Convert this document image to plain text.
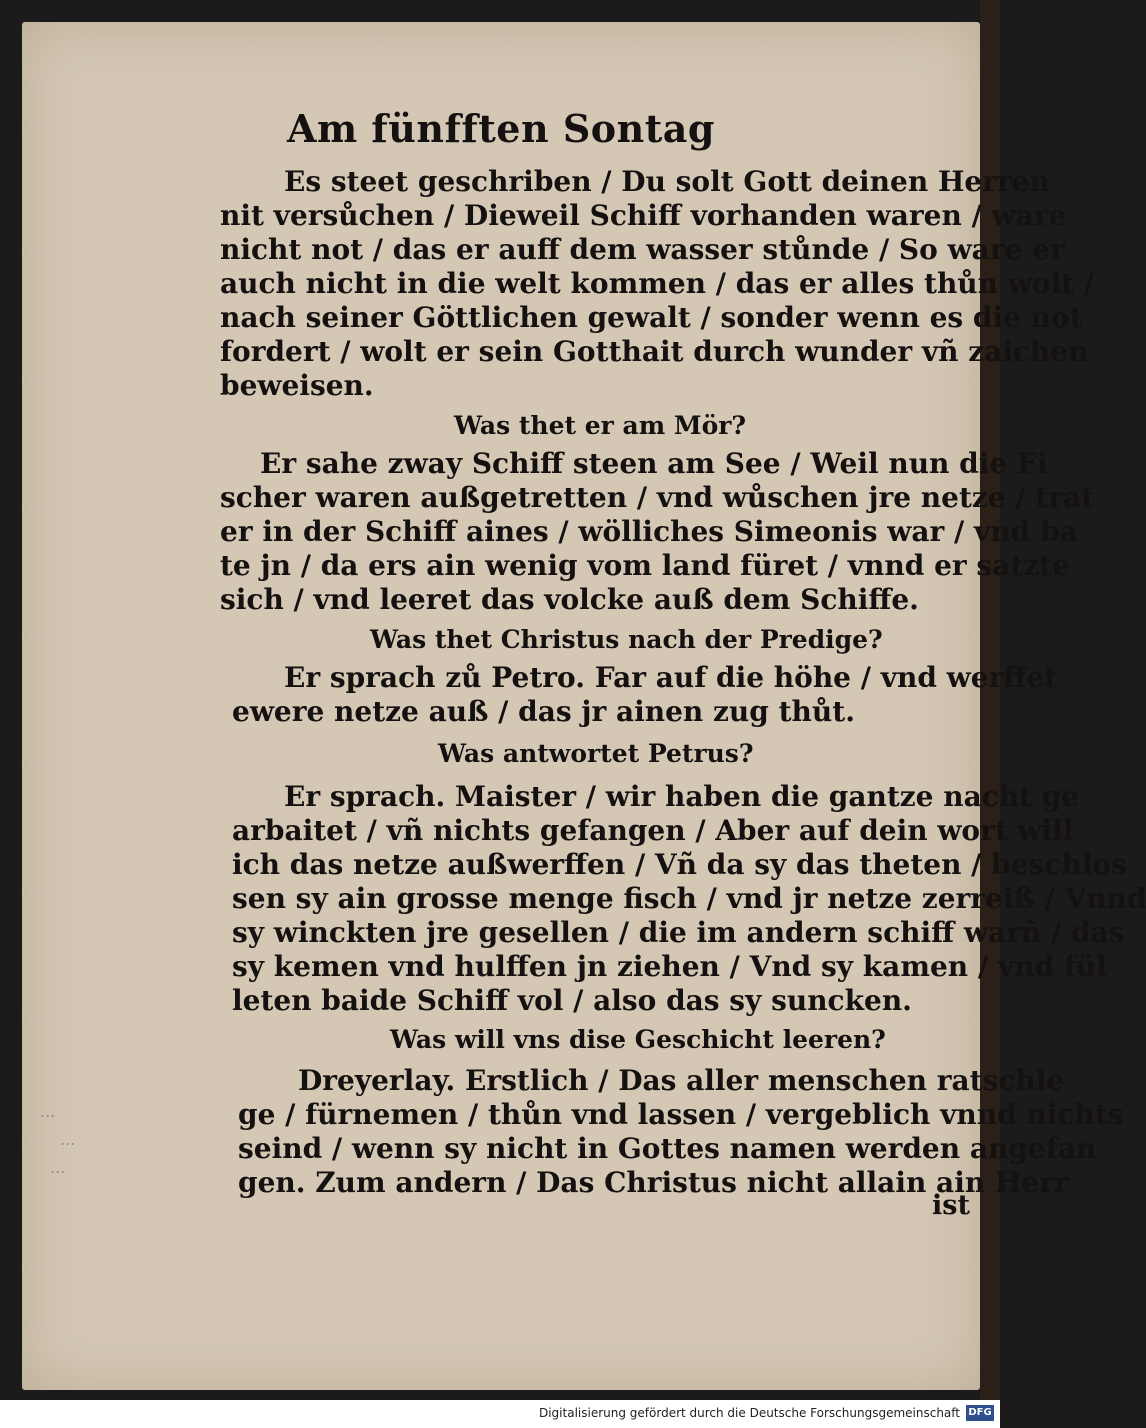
Am fünfften Sontag
Es steet geschriben / Du solt Gott deinen Herren
nit versůchen / Dieweil Schiff vorhanden waren / ware
nicht not / das er auff dem wasser stůnde / So ware er
auch nicht in die welt kommen / das er alles thůn wolt /
nach seiner Göttlichen gewalt / sonder wenn es die not
fordert / wolt er sein Gotthait durch wunder vñ zaichen
beweisen.
Was thet er am Mör?
Er sahe zway Schiff steen am See / Weil nun die Fi
scher waren außgetretten / vnd wůschen jre netze / trat
er in der Schiff aines / wölliches Simeonis war / vnd ba
te jn / da ers ain wenig vom land füret / vnnd er satzte
sich / vnd leeret das volcke auß dem Schiffe.
Was thet Christus nach der Predige?
Er sprach zů Petro. Far auf die höhe / vnd werffet
ewere netze auß / das jr ainen zug thůt.
Was antwortet Petrus?
Er sprach. Maister / wir haben die gantze nacht ge
arbaitet / vñ nichts gefangen / Aber auf dein wort will
ich das netze außwerffen / Vñ da sy das theten / beschlos
sen sy ain grosse menge fisch / vnd jr netze zerreiß / Vnnd
sy winckten jre gesellen / die im andern schiff warñ / das
sy kemen vnd hulffen jn ziehen / Vnd sy kamen / vnd fül
leten baide Schiff vol / also das sy suncken.
Was will vns dise Geschicht leeren?
Dreyerlay. Erstlich / Das aller menschen ratschle
ge / fürnemen / thůn vnd lassen / vergeblich vnnd nichts
seind / wenn sy nicht in Gottes namen werden angefan
gen. Zum andern / Das Christus nicht allain ain Herr
ist
...
...
...
Digitalisierung gefördert durch die Deutsche Forschungsgemeinschaft DFG
